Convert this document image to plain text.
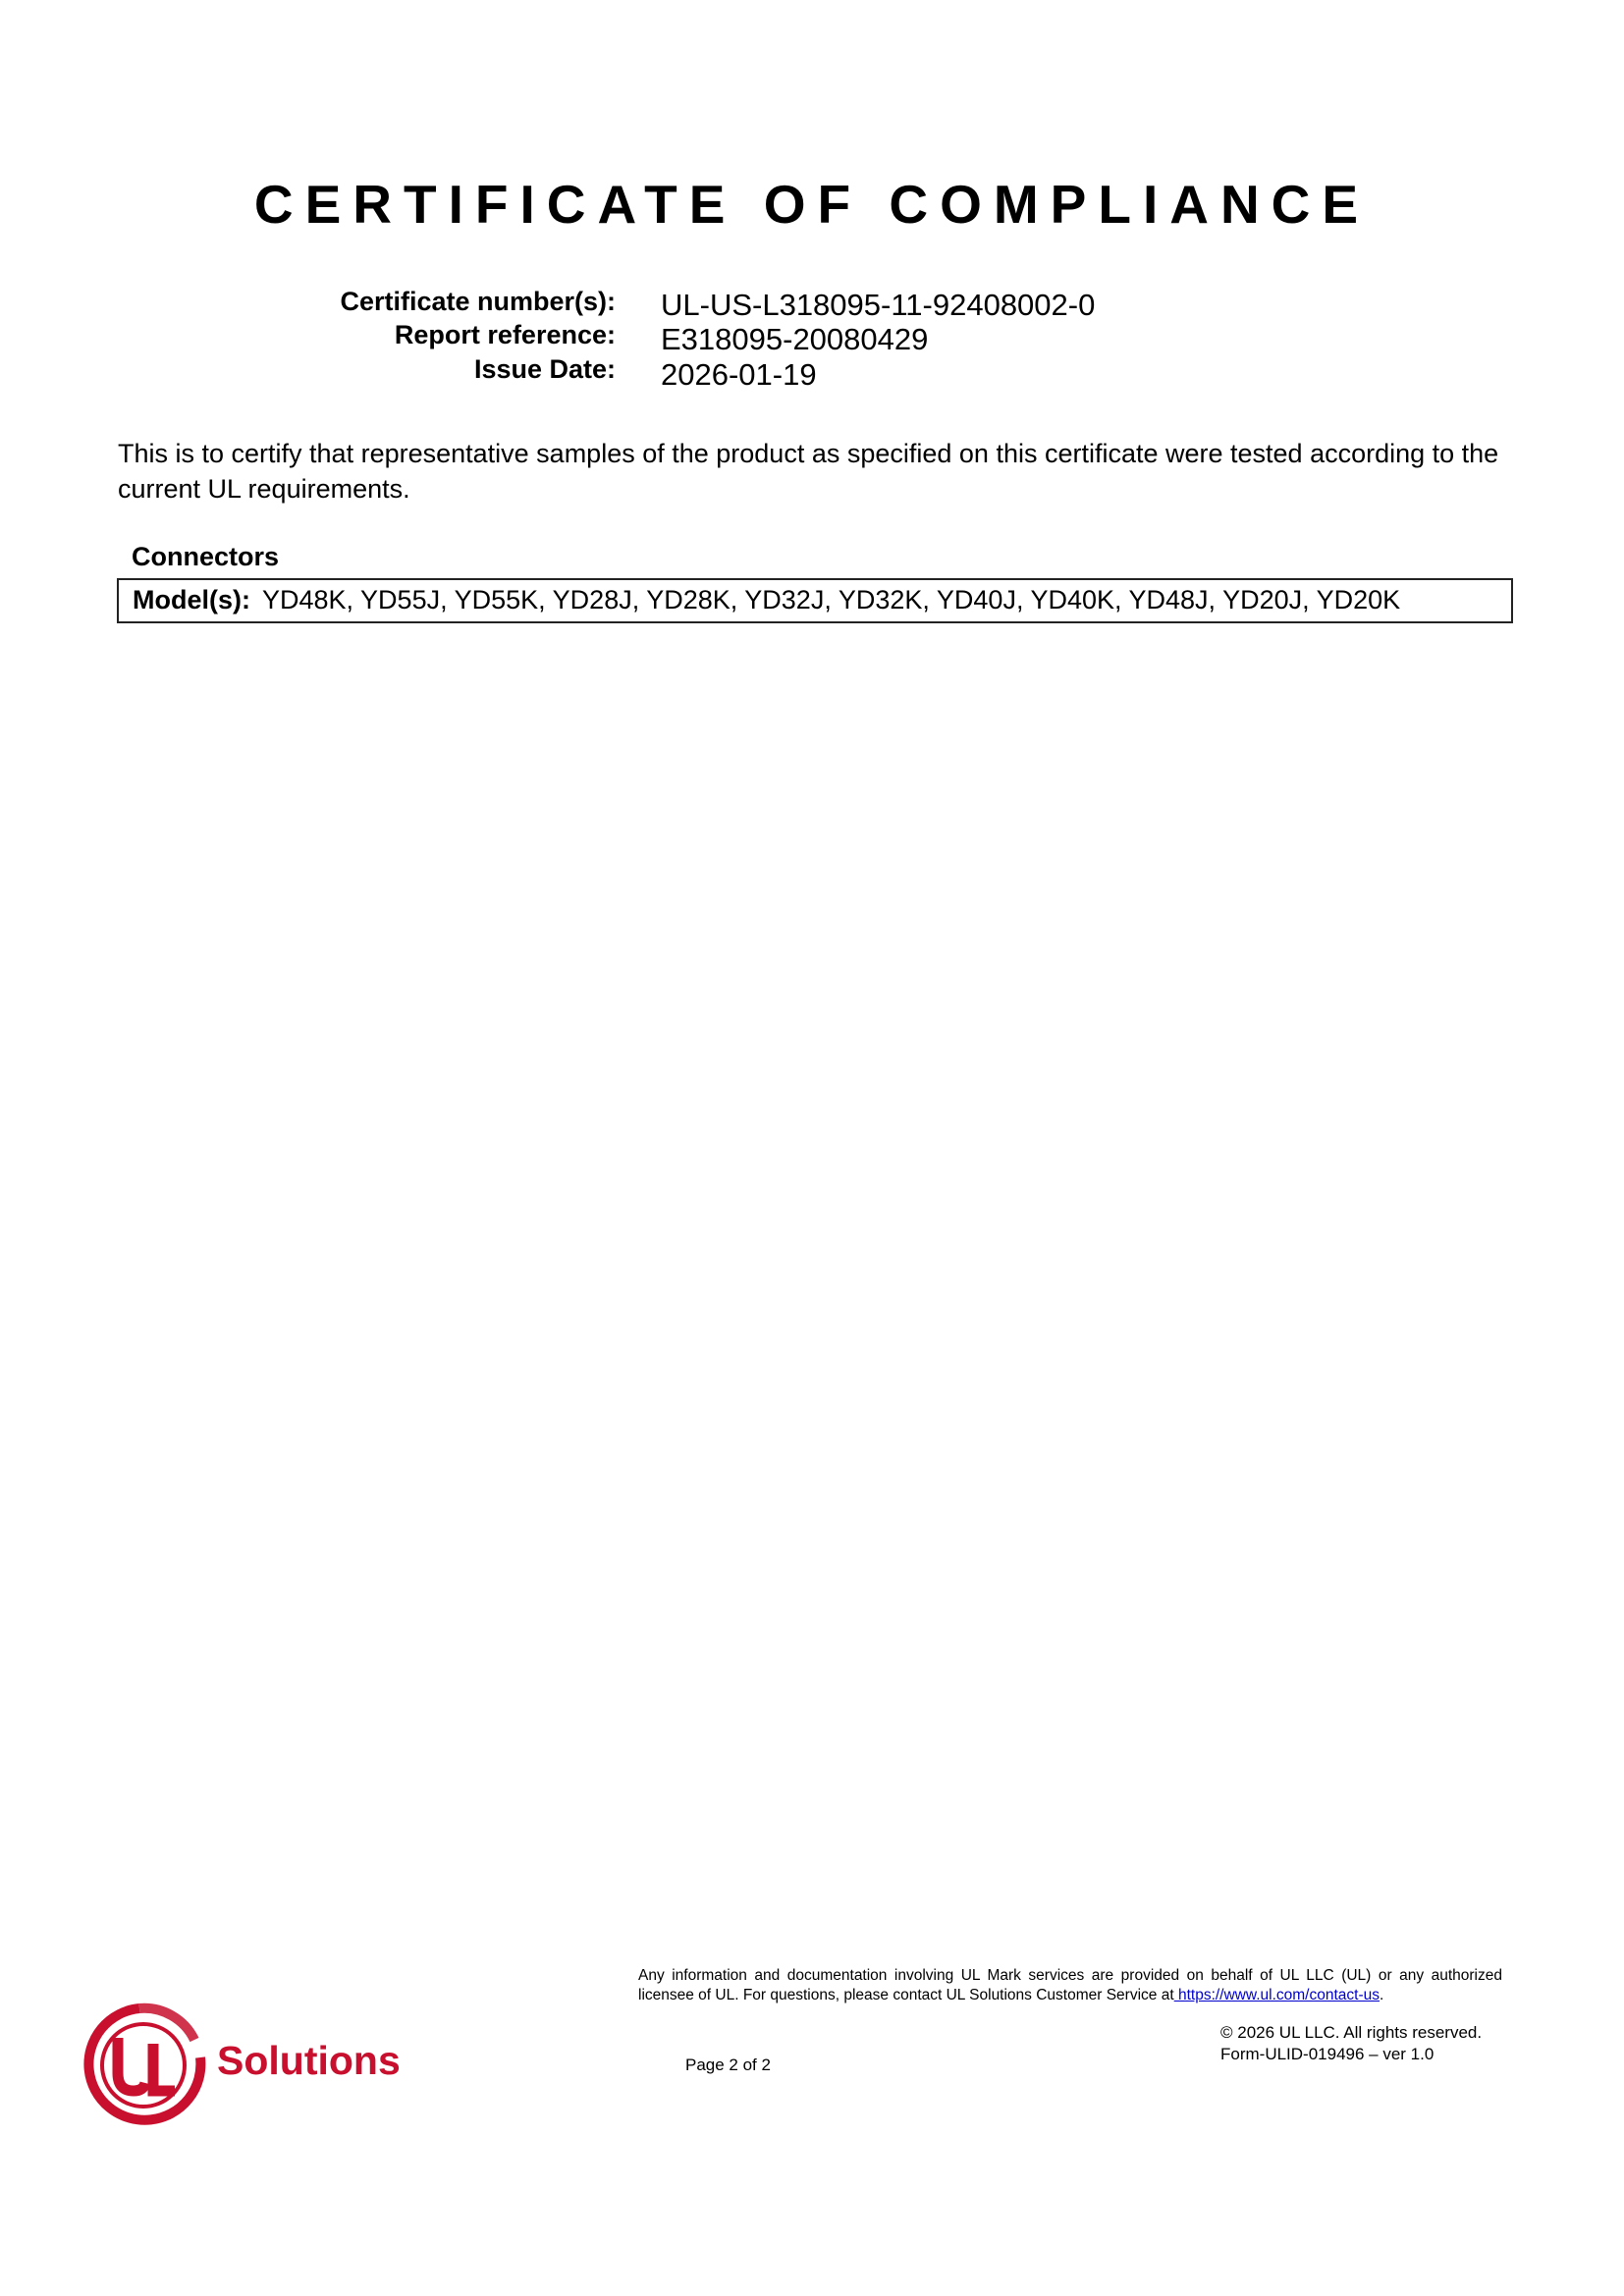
CERTIFICATE OF COMPLIANCE
Certificate number(s): UL-US-L318095-11-92408002-0
Report reference: E318095-20080429
Issue Date: 2026-01-19
This is to certify that representative samples of the product as specified on this certificate were tested according to the current UL requirements.
Connectors
Model(s): YD48K, YD55J, YD55K, YD28J, YD28K, YD32J, YD32K, YD40J, YD40K, YD48J, YD20J, YD20K
Any information and documentation involving UL Mark services are provided on behalf of UL LLC (UL) or any authorized licensee of UL. For questions, please contact UL Solutions Customer Service at https://www.ul.com/contact-us.
© 2026 UL LLC. All rights reserved.
Form-ULID-019496 – ver 1.0
Page 2 of 2
Solutions
